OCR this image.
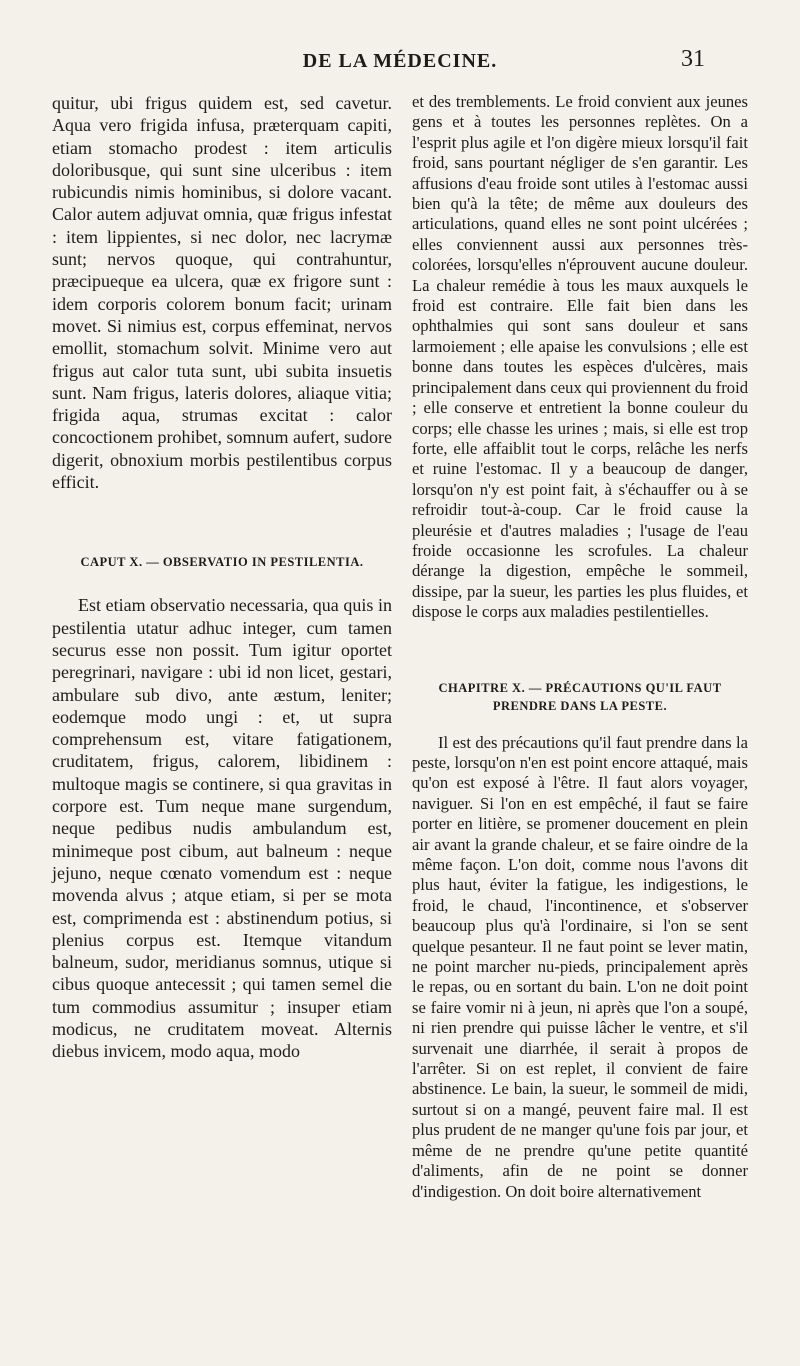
DE LA MÉDECINE.	31

quitur, ubi frigus quidem est, sed cavetur. Aqua vero frigida infusa, præterquam capiti, etiam stomacho prodest : item articulis doloribusque, qui sunt sine ulceribus : item rubicundis nimis hominibus, si dolore vacant. Calor autem adjuvat omnia, quæ frigus infestat : item lippientes, si nec dolor, nec lacrymæ sunt; nervos quoque, qui contrahuntur, præcipueque ea ulcera, quæ ex frigore sunt : idem corporis colorem bonum facit; urinam movet. Si nimius est, corpus effeminat, nervos emollit, stomachum solvit. Minime vero aut frigus aut calor tuta sunt, ubi subita insuetis sunt. Nam frigus, lateris dolores, aliaque vitia; frigida aqua, strumas excitat : calor concoctionem prohibet, somnum aufert, sudore digerit, obnoxium morbis pestilentibus corpus efficit.

CAPUT X. — OBSERVATIO IN PESTILENTIA.

Est etiam observatio necessaria, qua quis in pestilentia utatur adhuc integer, cum tamen securus esse non possit. Tum igitur oportet peregrinari, navigare : ubi id non licet, gestari, ambulare sub divo, ante æstum, leniter; eodemque modo ungi : et, ut supra comprehensum est, vitare fatigationem, cruditatem, frigus, calorem, libidinem : multoque magis se continere, si qua gravitas in corpore est. Tum neque mane surgendum, neque pedibus nudis ambulandum est, minimeque post cibum, aut balneum : neque jejuno, neque cœnato vomendum est : neque movenda alvus ; atque etiam, si per se mota est, comprimenda est : abstinendum potius, si plenius corpus est. Itemque vitandum balneum, sudor, meridianus somnus, utique si cibus quoque antecessit ; qui tamen semel die tum commodius assumitur ; insuper etiam modicus, ne cruditatem moveat. Alternis diebus invicem, modo aqua, modo

et des tremblements. Le froid convient aux jeunes gens et à toutes les personnes replètes. On a l'esprit plus agile et l'on digère mieux lorsqu'il fait froid, sans pourtant négliger de s'en garantir. Les affusions d'eau froide sont utiles à l'estomac aussi bien qu'à la tête; de même aux douleurs des articulations, quand elles ne sont point ulcérées ; elles conviennent aussi aux personnes très-colorées, lorsqu'elles n'éprouvent aucune douleur. La chaleur remédie à tous les maux auxquels le froid est contraire. Elle fait bien dans les ophthalmies qui sont sans douleur et sans larmoiement ; elle apaise les convulsions ; elle est bonne dans toutes les espèces d'ulcères, mais principalement dans ceux qui proviennent du froid ; elle conserve et entretient la bonne couleur du corps; elle chasse les urines ; mais, si elle est trop forte, elle affaiblit tout le corps, relâche les nerfs et ruine l'estomac. Il y a beaucoup de danger, lorsqu'on n'y est point fait, à s'échauffer ou à se refroidir tout-à-coup. Car le froid cause la pleurésie et d'autres maladies ; l'usage de l'eau froide occasionne les scrofules. La chaleur dérange la digestion, empêche le sommeil, dissipe, par la sueur, les parties les plus fluides, et dispose le corps aux maladies pestilentielles.

CHAPITRE X. — PRÉCAUTIONS QU'IL FAUT
PRENDRE DANS LA PESTE.

Il est des précautions qu'il faut prendre dans la peste, lorsqu'on n'en est point encore attaqué, mais qu'on est exposé à l'être. Il faut alors voyager, naviguer. Si l'on en est empêché, il faut se faire porter en litière, se promener doucement en plein air avant la grande chaleur, et se faire oindre de la même façon. L'on doit, comme nous l'avons dit plus haut, éviter la fatigue, les indigestions, le froid, le chaud, l'incontinence, et s'observer beaucoup plus qu'à l'ordinaire, si l'on se sent quelque pesanteur. Il ne faut point se lever matin, ne point marcher nu-pieds, principalement après le repas, ou en sortant du bain. L'on ne doit point se faire vomir ni à jeun, ni après que l'on a soupé, ni rien prendre qui puisse lâcher le ventre, et s'il survenait une diarrhée, il serait à propos de l'arrêter. Si on est replet, il convient de faire abstinence. Le bain, la sueur, le sommeil de midi, surtout si on a mangé, peuvent faire mal. Il est plus prudent de ne manger qu'une fois par jour, et même de ne prendre qu'une petite quantité d'aliments, afin de ne point se donner d'indigestion. On doit boire alternativement
